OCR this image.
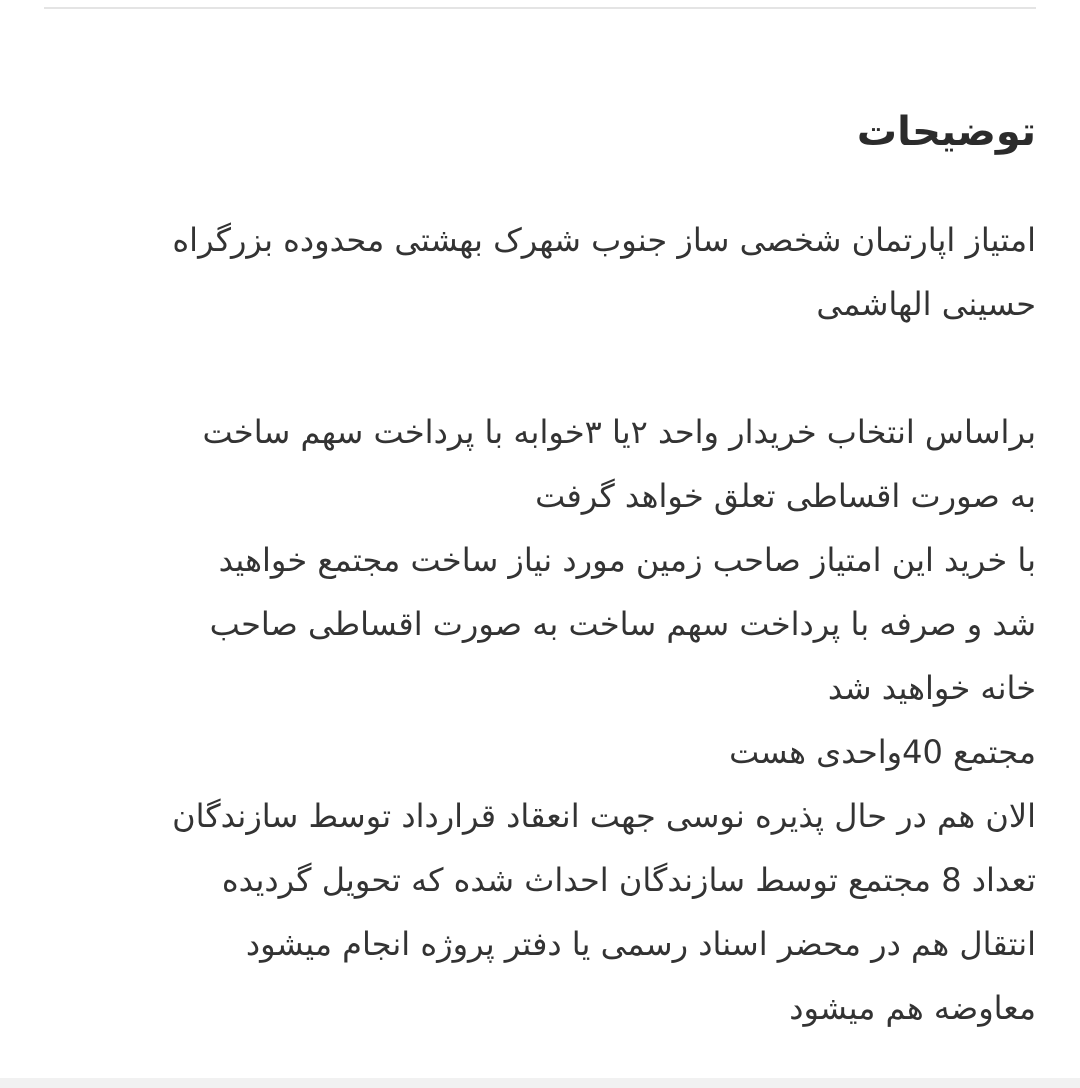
توضیحات
امتیاز اپارتمان شخصی ساز جنوب شهرک بهشتی محدوده بزرگراه
حسینی الهاشمی
براساس انتخاب خریدار واحد ۲یا ۳خوابه با پرداخت سهم ساخت
به صورت اقساطی تعلق خواهد گرفت
با خرید این امتیاز صاحب زمین مورد نیاز ساخت مجتمع خواهید
شد و صرفه با پرداخت سهم ساخت به صورت اقساطی صاحب
خانه خواهید شد
مجتمع 40واحدی هست
الان هم در حال پذیره نوسی جهت انعقاد قرارداد توسط سازندگان
تعداد 8 مجتمع توسط سازندگان احداث شده که تحویل گردیده
انتقال هم در محضر اسناد رسمی یا دفتر پروژه انجام میشود
معاوضه هم میشود
